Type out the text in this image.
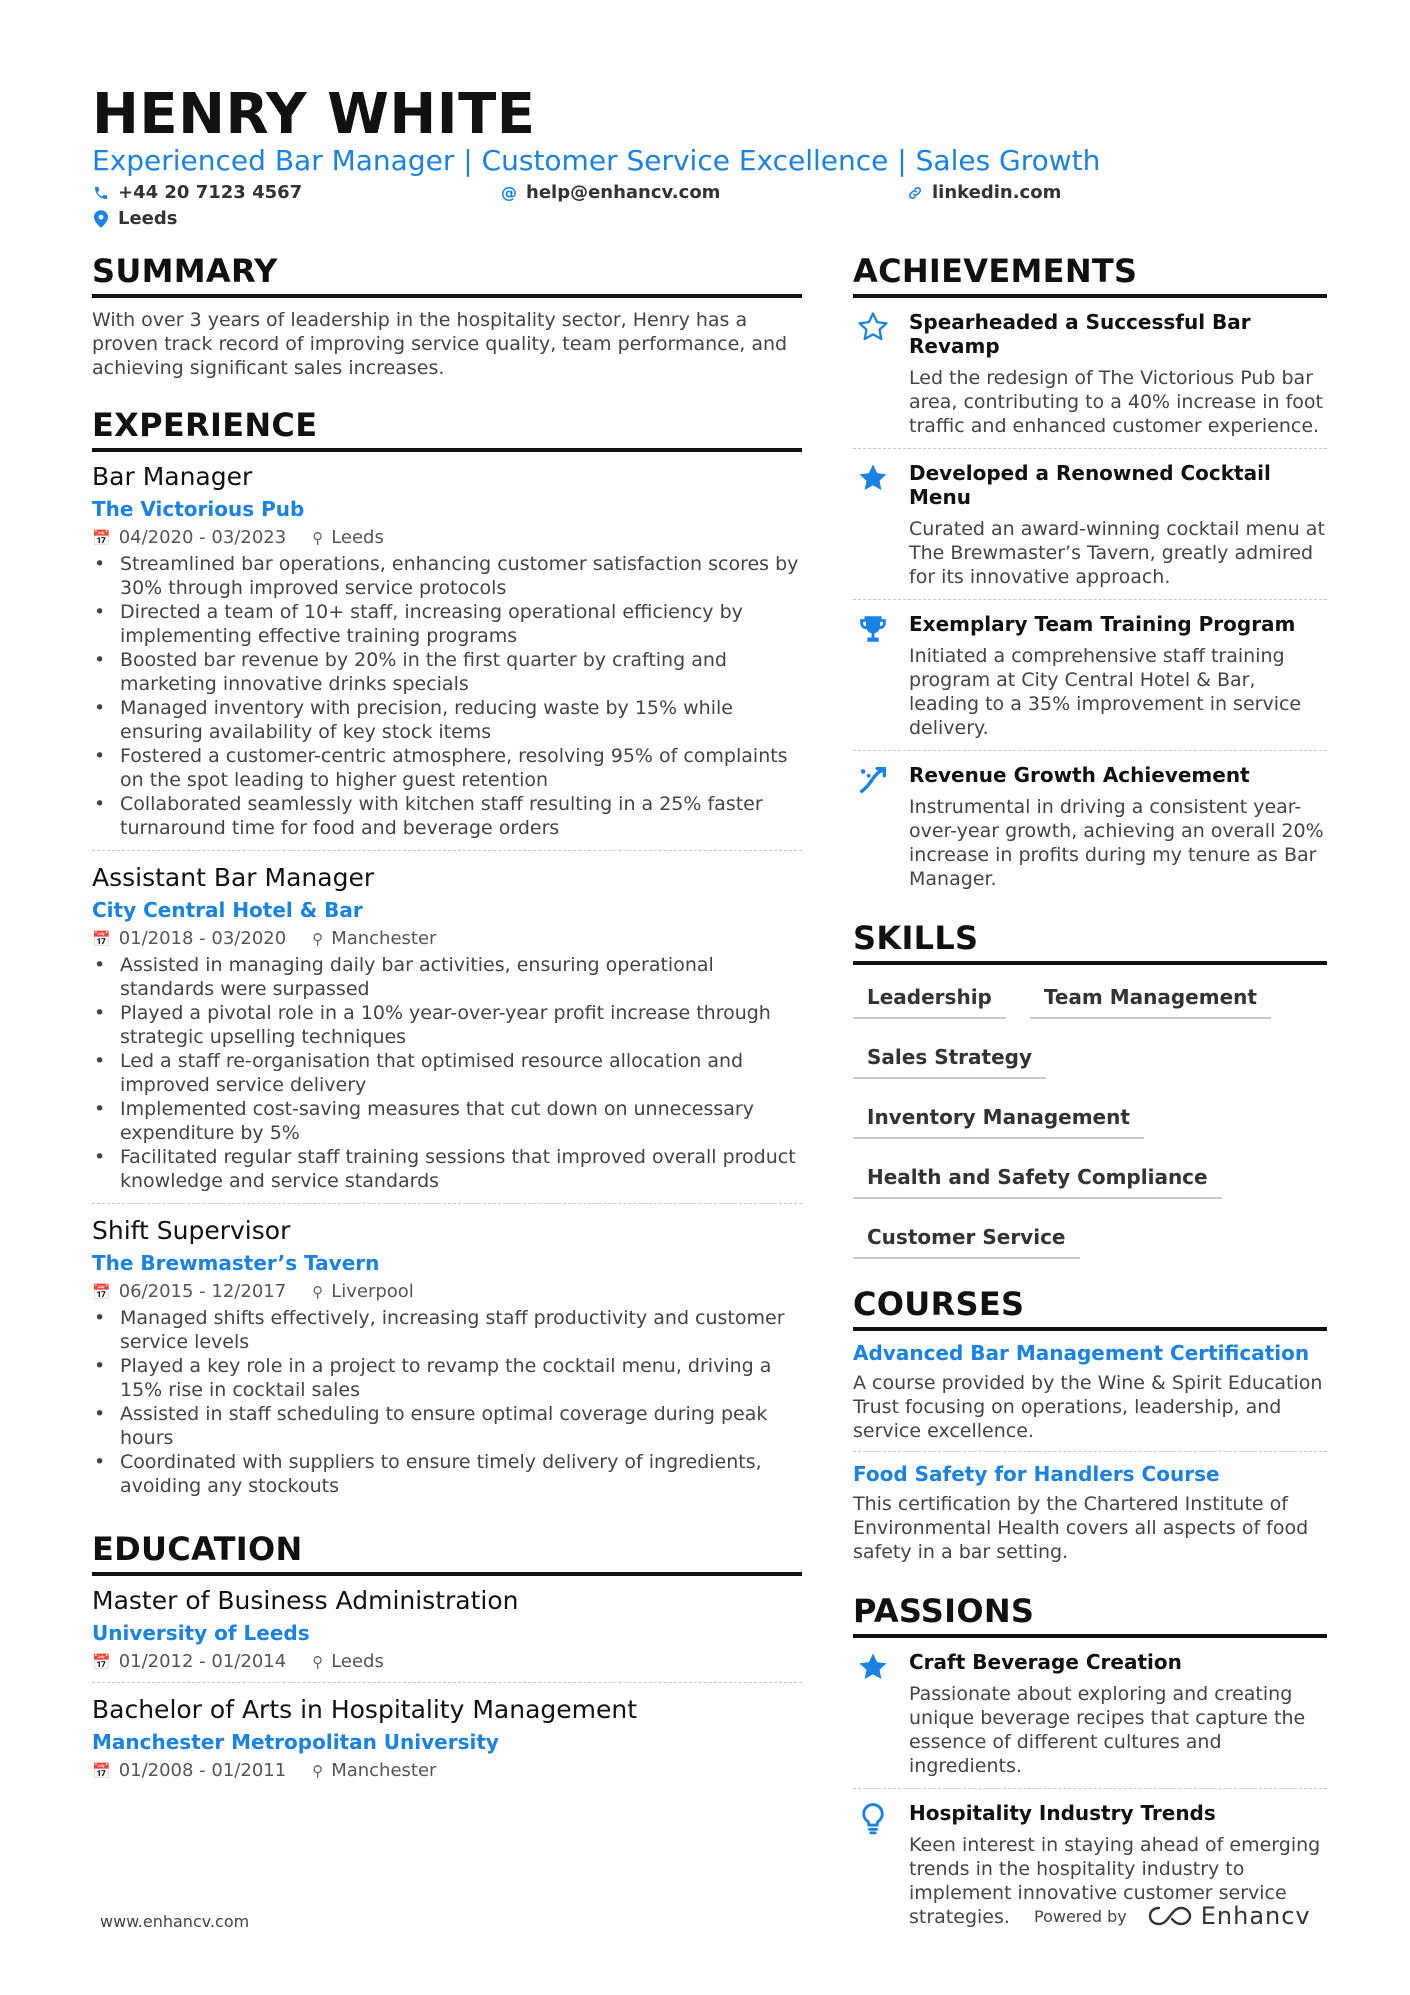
HENRY WHITE
Experienced Bar Manager | Customer Service Excellence | Sales Growth
+44 20 7123 4567	@ help@enhancv.com	linkedin.com
Leeds
SUMMARY
With over 3 years of leadership in the hospitality sector, Henry has a proven track record of improving service quality, team performance, and achieving significant sales increases.
EXPERIENCE
Bar Manager
The Victorious Pub
📅 04/2020 - 03/2023 ⚲ Leeds
• Streamlined bar operations, enhancing customer satisfaction scores by 30% through improved service protocols
• Directed a team of 10+ staff, increasing operational efficiency by implementing effective training programs
• Boosted bar revenue by 20% in the first quarter by crafting and marketing innovative drinks specials
• Managed inventory with precision, reducing waste by 15% while ensuring availability of key stock items
• Fostered a customer-centric atmosphere, resolving 95% of complaints on the spot leading to higher guest retention
• Collaborated seamlessly with kitchen staff resulting in a 25% faster turnaround time for food and beverage orders
Assistant Bar Manager
City Central Hotel & Bar
📅 01/2018 - 03/2020 ⚲ Manchester
• Assisted in managing daily bar activities, ensuring operational standards were surpassed
• Played a pivotal role in a 10% year-over-year profit increase through strategic upselling techniques
• Led a staff re-organisation that optimised resource allocation and improved service delivery
• Implemented cost-saving measures that cut down on unnecessary expenditure by 5%
• Facilitated regular staff training sessions that improved overall product knowledge and service standards
Shift Supervisor
The Brewmaster’s Tavern
📅 06/2015 - 12/2017 ⚲ Liverpool
• Managed shifts effectively, increasing staff productivity and customer service levels
• Played a key role in a project to revamp the cocktail menu, driving a 15% rise in cocktail sales
• Assisted in staff scheduling to ensure optimal coverage during peak hours
• Coordinated with suppliers to ensure timely delivery of ingredients, avoiding any stockouts
EDUCATION
Master of Business Administration
University of Leeds
📅 01/2012 - 01/2014 ⚲ Leeds
Bachelor of Arts in Hospitality Management
Manchester Metropolitan University
📅 01/2008 - 01/2011 ⚲ Manchester
ACHIEVEMENTS
Spearheaded a Successful Bar Revamp
Led the redesign of The Victorious Pub bar area, contributing to a 40% increase in foot traffic and enhanced customer experience.
Developed a Renowned Cocktail Menu
Curated an award-winning cocktail menu at The Brewmaster’s Tavern, greatly admired for its innovative approach.
Exemplary Team Training Program
Initiated a comprehensive staff training program at City Central Hotel & Bar, leading to a 35% improvement in service delivery.
Revenue Growth Achievement
Instrumental in driving a consistent year-over-year growth, achieving an overall 20% increase in profits during my tenure as Bar Manager.
SKILLS
Leadership	Team Management
Sales Strategy
Inventory Management
Health and Safety Compliance
Customer Service
COURSES
Advanced Bar Management Certification
A course provided by the Wine & Spirit Education Trust focusing on operations, leadership, and service excellence.
Food Safety for Handlers Course
This certification by the Chartered Institute of Environmental Health covers all aspects of food safety in a bar setting.
PASSIONS
Craft Beverage Creation
Passionate about exploring and creating unique beverage recipes that capture the essence of different cultures and ingredients.
Hospitality Industry Trends
Keen interest in staying ahead of emerging trends in the hospitality industry to implement innovative customer service strategies.
www.enhancv.com	Powered by	Enhancv
